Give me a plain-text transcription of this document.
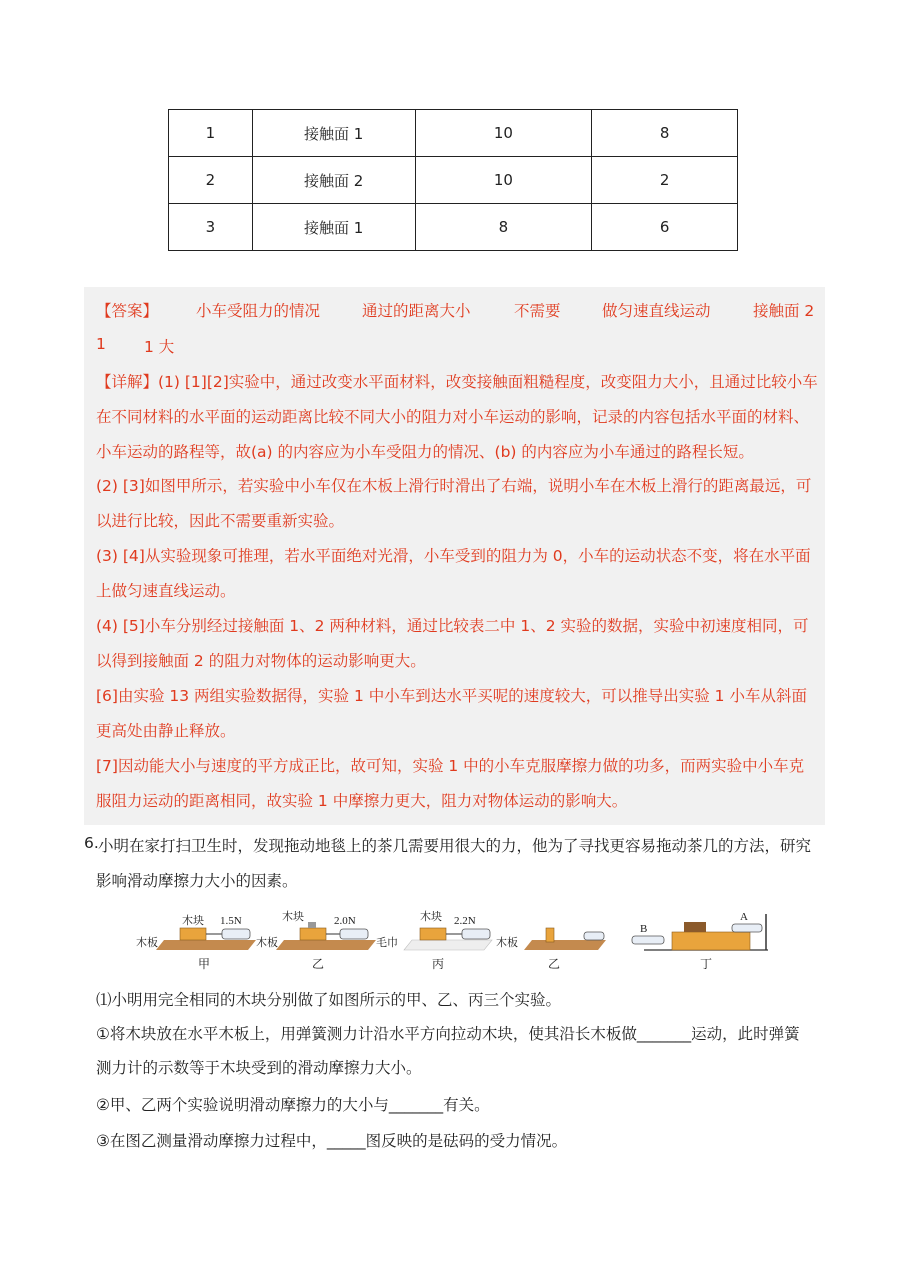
1	接触面 1	10	8
2	接触面 2	10	2
3	接触面 1	8	6
【答案】 小车受阻力的情况	通过的距离大小	不需要	做匀速直线运动	接触面 2
1 1 大
【详解】(1) [1][2]实验中，通过改变水平面材料，改变接触面粗糙程度，改变阻力大小，且通过比较小车在不同材料的水平面的运动距离比较不同大小的阻力对小车运动的影响，记录的内容包括水平面的材料、小车运动的路程等，故(a) 的内容应为小车受阻力的情况、(b) 的内容应为小车通过的路程长短。
(2) [3]如图甲所示，若实验中小车仅在木板上滑行时滑出了右端，说明小车在木板上滑行的距离最远，可以进行比较，因此不需要重新实验。
(3) [4]从实验现象可推理，若水平面绝对光滑，小车受到的阻力为 0，小车的运动状态不变，将在水平面上做匀速直线运动。
(4) [5]小车分别经过接触面 1、2 两种材料，通过比较表二中 1、2 实验的数据，实验中初速度相同，可以得到接触面 2 的阻力对物体的运动影响更大。
[6]由实验 13 两组实验数据得，实验 1 中小车到达水平买呢的速度较大，可以推导出实验 1 小车从斜面更高处由静止释放。
[7]因动能大小与速度的平方成正比，故可知，实验 1 中的小车克服摩擦力做的功多，而两实验中小车克服阻力运动的距离相同，故实验 1 中摩擦力更大，阻力对物体运动的影响大。
6. 小明在家打扫卫生时，发现拖动地毯上的茶几需要用很大的力，他为了寻找更容易拖动茶几的方法，研究
影响滑动摩擦力大小的因素。
木块 1.5N
木板
甲
木块	2.0N
木板
乙
木块 2.2N
毛巾
丙
木板
乙
A
B
丁
⑴小明用完全相同的木块分别做了如图所示的甲、乙、丙三个实验。
①将木块放在水平木板上，用弹簧测力计沿水平方向拉动木块，使其沿长木板做_______运动，此时弹簧
测力计的示数等于木块受到的滑动摩擦力大小。
②甲、乙两个实验说明滑动摩擦力的大小与_______有关。
③在图乙测量滑动摩擦力过程中，_____图反映的是砝码的受力情况。
